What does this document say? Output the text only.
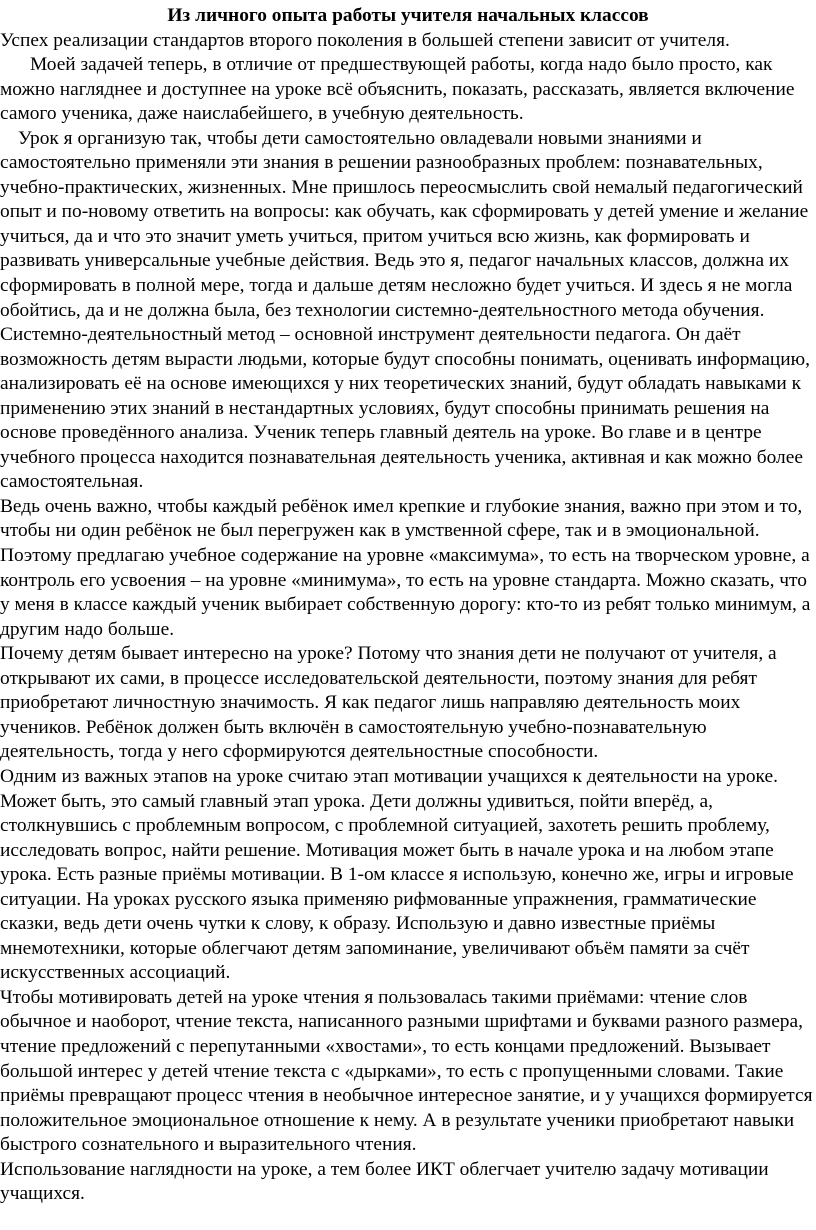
Из личного опыта работы учителя начальных классов

Успех реализации стандартов второго поколения в большей степени зависит от учителя.

Моей задачей теперь, в отличие от предшествующей работы, когда надо было просто, как можно нагляднее и доступнее на уроке всё объяснить, показать, рассказать, является включение самого ученика, даже наислабейшего, в учебную деятельность.

Урок я организую так, чтобы дети самостоятельно овладевали новыми знаниями и самостоятельно применяли эти знания в решении разнообразных проблем: познавательных, учебно-практических, жизненных. Мне пришлось переосмыслить свой немалый педагогический опыт и по-новому ответить на вопросы: как обучать, как сформировать у детей умение и желание учиться, да и что это значит уметь учиться, притом учиться всю жизнь, как формировать и развивать универсальные учебные действия. Ведь это я, педагог начальных классов, должна их сформировать в полной мере, тогда и дальше детям несложно будет учиться. И здесь я не могла обойтись, да и не должна была, без технологии системно-деятельностного метода обучения.

Системно-деятельностный метод – основной инструмент деятельности педагога. Он даёт возможность детям вырасти людьми, которые будут способны понимать, оценивать информацию, анализировать её на основе имеющихся у них теоретических знаний, будут обладать навыками к применению этих знаний в нестандартных условиях, будут способны принимать решения на основе проведённого анализа. Ученик теперь главный деятель на уроке. Во главе и в центре учебного процесса находится познавательная деятельность ученика, активная и как можно более самостоятельная.

Ведь очень важно, чтобы каждый ребёнок имел крепкие и глубокие знания, важно при этом и то, чтобы ни один ребёнок не был перегружен как в умственной сфере, так и в эмоциональной. Поэтому предлагаю учебное содержание на уровне «максимума», то есть на творческом уровне, а контроль его усвоения – на уровне «минимума», то есть на уровне стандарта. Можно сказать, что у меня в классе каждый ученик выбирает собственную дорогу: кто-то из ребят только минимум, а другим надо больше.

Почему детям бывает интересно на уроке? Потому что знания дети не получают от учителя, а открывают их сами, в процессе исследовательской деятельности, поэтому знания для ребят приобретают личностную значимость. Я как педагог лишь направляю деятельность моих учеников. Ребёнок должен быть включён в самостоятельную учебно-познавательную деятельность, тогда у него сформируются деятельностные способности.

Одним из важных этапов на уроке считаю этап мотивации учащихся к деятельности на уроке. Может быть, это самый главный этап урока. Дети должны удивиться, пойти вперёд, а, столкнувшись с проблемным вопросом, с проблемной ситуацией, захотеть решить проблему, исследовать вопрос, найти решение. Мотивация может быть в начале урока и на любом этапе урока. Есть разные приёмы мотивации. В 1-ом классе я использую, конечно же, игры и игровые ситуации. На уроках русского языка применяю рифмованные упражнения, грамматические сказки, ведь дети очень чутки к слову, к образу. Использую и давно известные приёмы мнемотехники, которые облегчают детям запоминание, увеличивают объём памяти за счёт искусственных ассоциаций.

Чтобы мотивировать детей на уроке чтения я пользовалась такими приёмами: чтение слов обычное и наоборот, чтение текста, написанного разными шрифтами и буквами разного размера, чтение предложений с перепутанными «хвостами», то есть концами предложений. Вызывает большой интерес у детей чтение текста с «дырками», то есть с пропущенными словами. Такие приёмы превращают процесс чтения в необычное интересное занятие, и у учащихся формируется положительное эмоциональное отношение к нему. А в результате ученики приобретают навыки быстрого сознательного и выразительного чтения.

Использование наглядности на уроке, а тем более ИКТ облегчает учителю задачу мотивации учащихся.
